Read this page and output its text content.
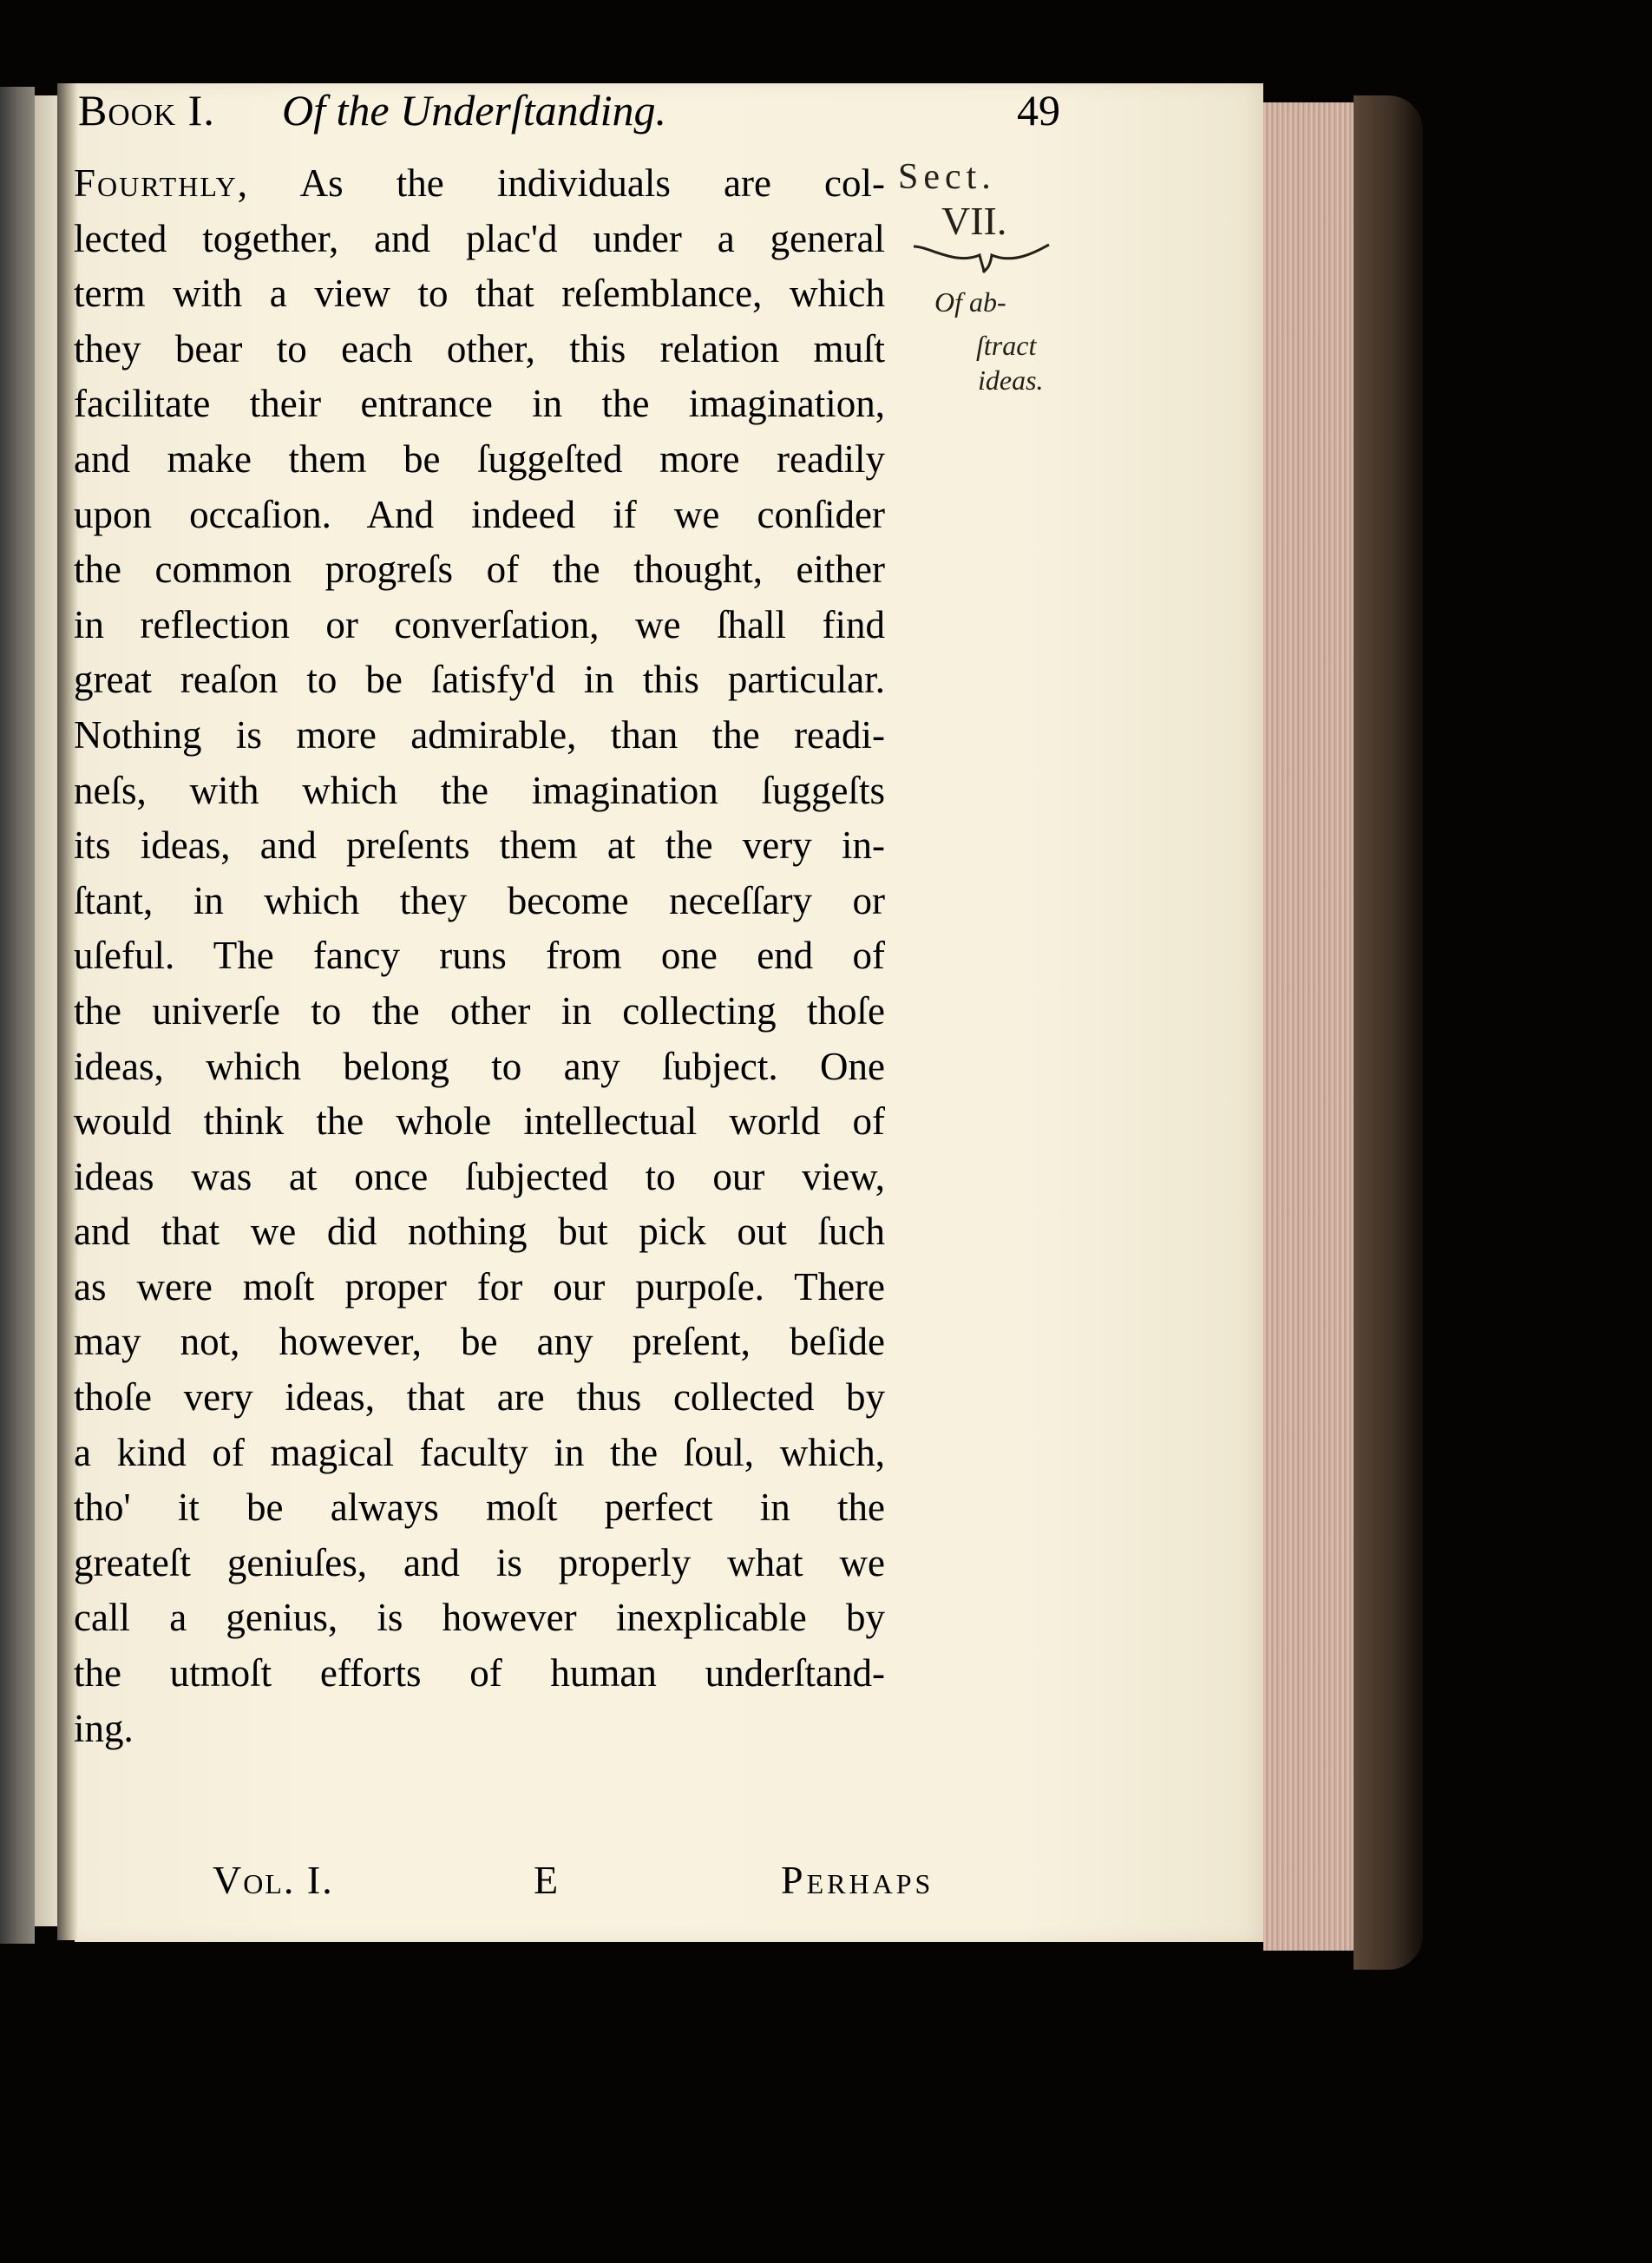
Book I. Of the Underſtanding.	49
Fourthly, As the individuals are col-
lected together, and plac'd under a general
term with a view to that reſemblance, which
they bear to each other, this relation muſt
facilitate their entrance in the imagination,
and make them be ſuggeſted more readily
upon occaſion. And indeed if we conſider
the common progreſs of the thought, either
in reflection or converſation, we ſhall find
great reaſon to be ſatisfy'd in this particular.
Nothing is more admirable, than the readi-
neſs, with which the imagination ſuggeſts
its ideas, and preſents them at the very in-
ſtant, in which they become neceſſary or
uſeful. The fancy runs from one end of
the univerſe to the other in collecting thoſe
ideas, which belong to any ſubject. One
would think the whole intellectual world of
ideas was at once ſubjected to our view,
and that we did nothing but pick out ſuch
as were moſt proper for our purpoſe. There
may not, however, be any preſent, beſide
thoſe very ideas, that are thus collected by
a kind of magical faculty in the ſoul, which,
tho' it be always moſt perfect in the
greateſt geniuſes, and is properly what we
call a genius, is however inexplicable by
the utmoſt efforts of human underſtand-
ing.
Sect.
VII.
Of ab-
ſtract
ideas.
Vol. I.	E	Perhaps
